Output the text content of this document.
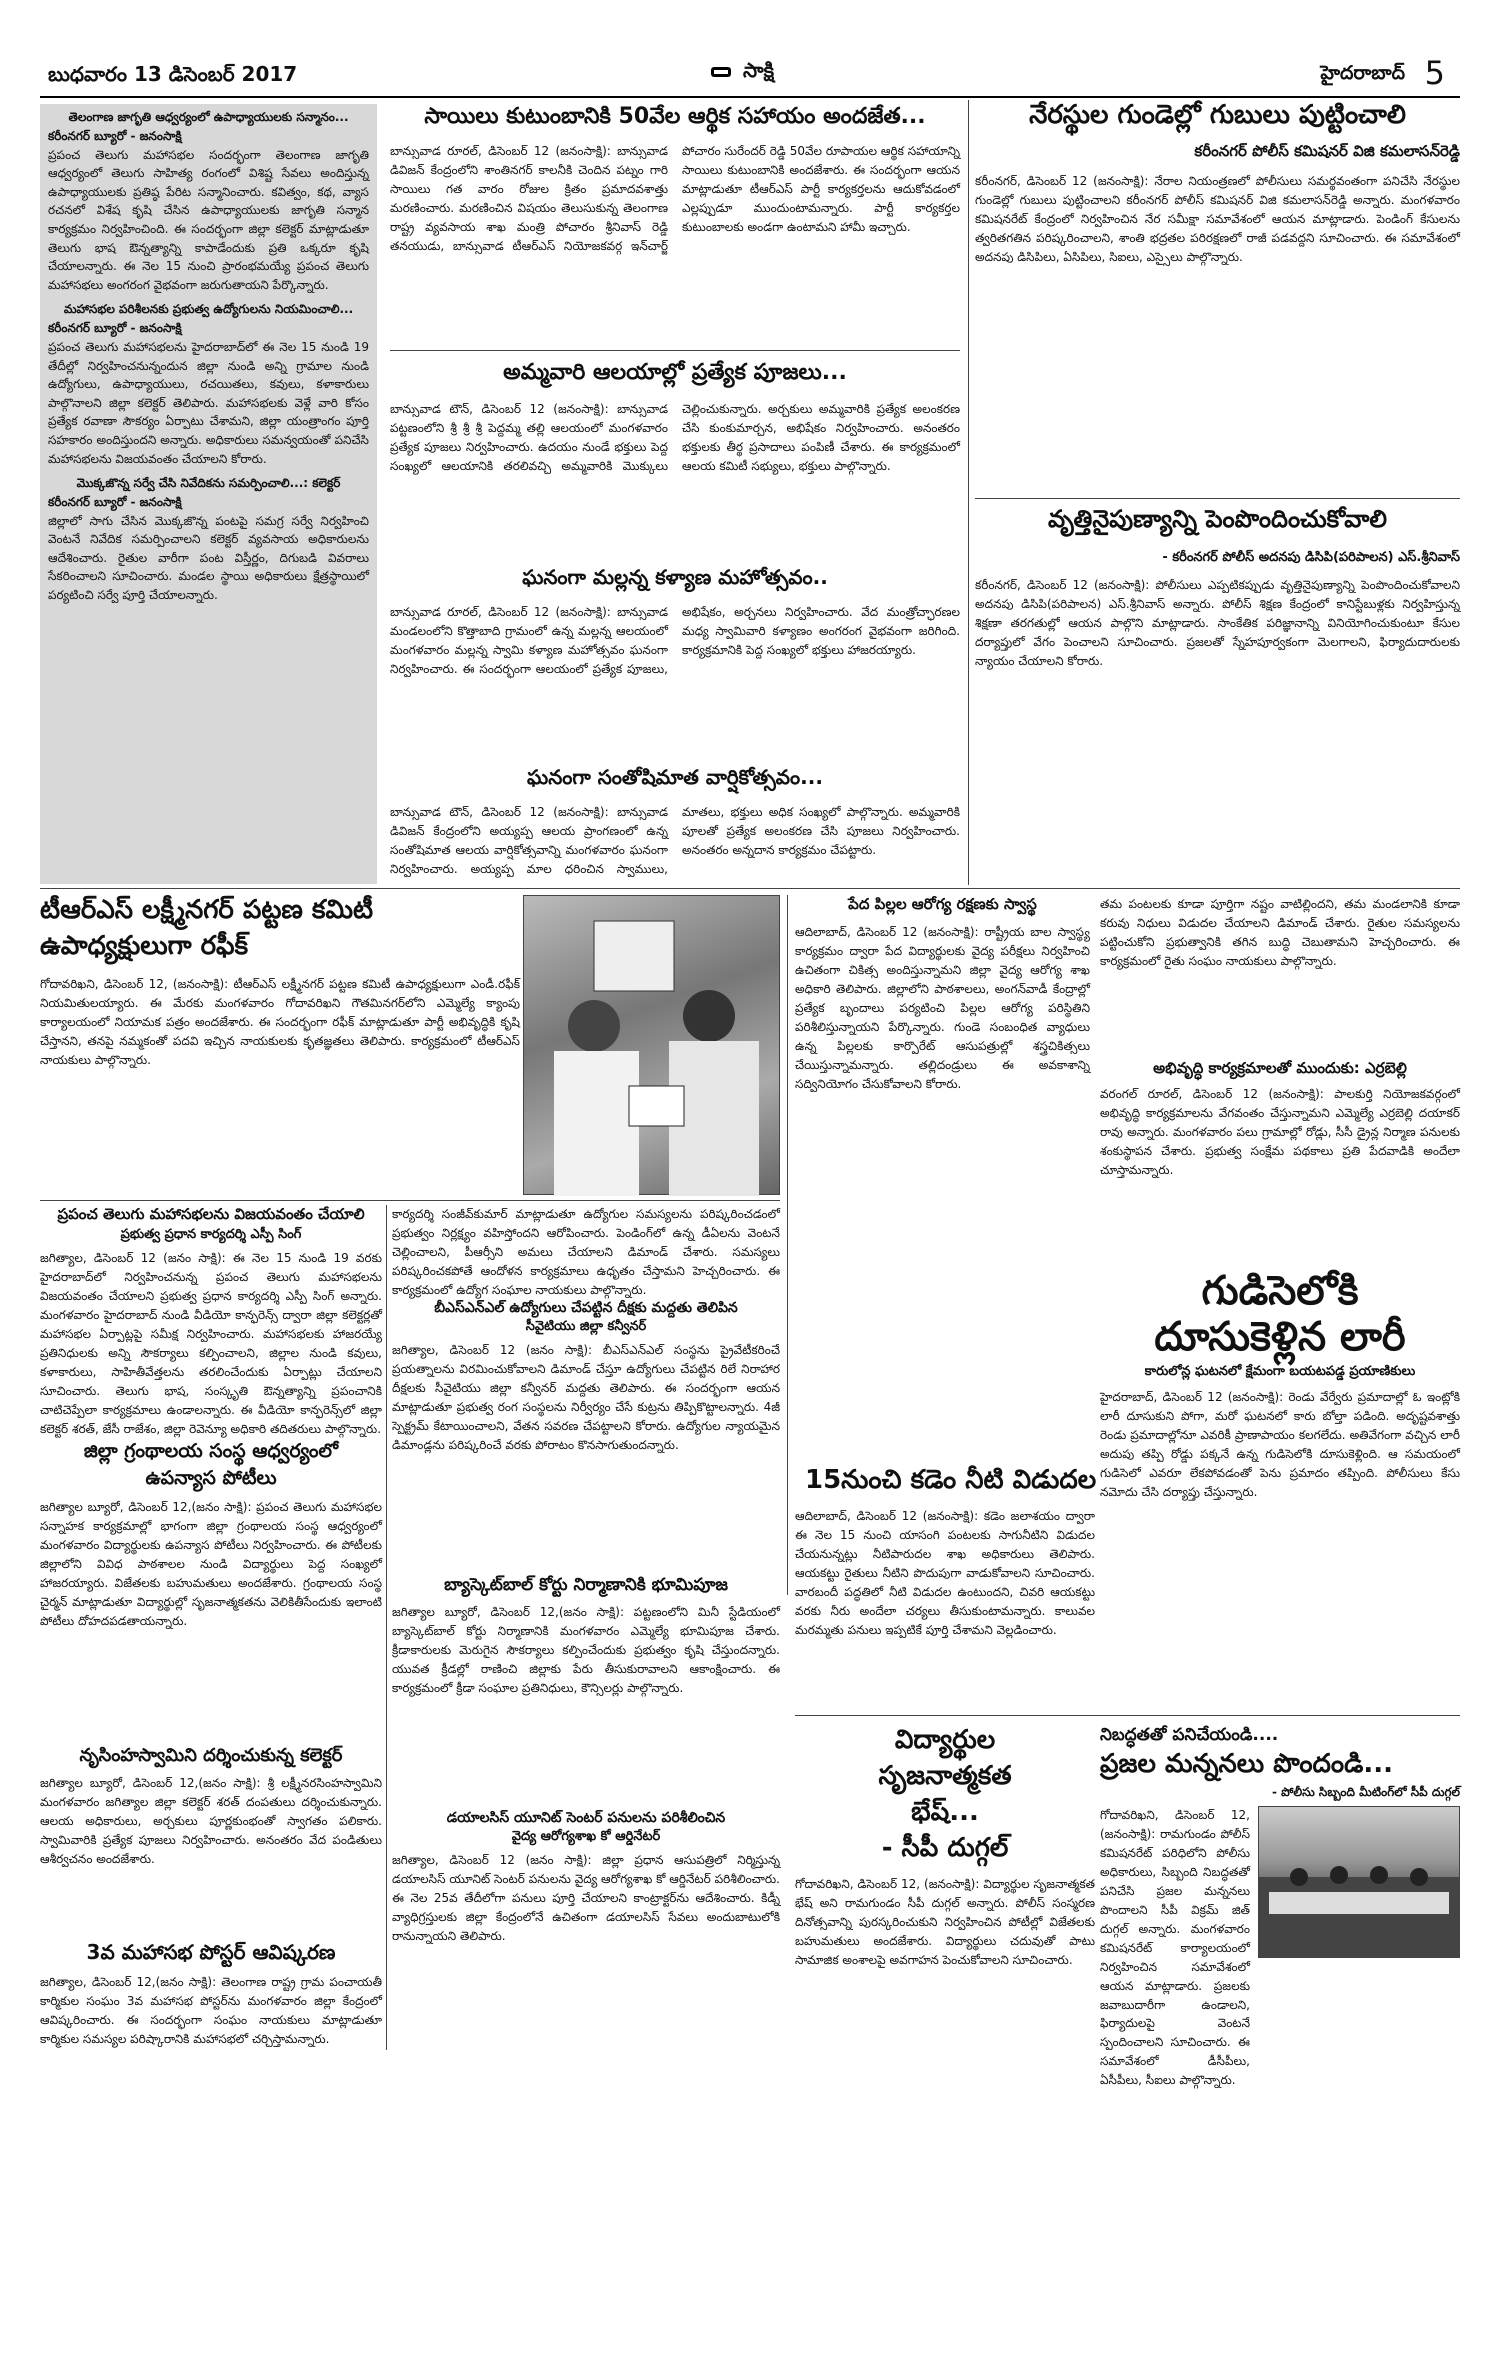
బుధవారం 13 డిసెంబర్ 2017	సాక్షి	హైదరాబాద్ 5
తెలంగాణ జాగృతి ఆధ్వర్యంలో ఉపాధ్యాయులకు సన్మానం...
కరీంనగర్ బ్యూరో - జనంసాక్షి
ప్రపంచ తెలుగు మహాసభల సందర్భంగా తెలంగాణ జాగృతి ఆధ్వర్యంలో తెలుగు సాహిత్య రంగంలో విశిష్ట సేవలు అందిస్తున్న ఉపాధ్యాయులకు ప్రతిష్ఠ పేరిట సన్మానించారు. కవిత్వం, కథ, వ్యాస రచనలో విశేష కృషి చేసిన ఉపాధ్యాయులకు జాగృతి సన్మాన కార్యక్రమం నిర్వహించింది. ఈ సందర్భంగా జిల్లా కలెక్టర్ మాట్లాడుతూ తెలుగు భాష ఔన్నత్యాన్ని కాపాడేందుకు ప్రతి ఒక్కరూ కృషి చేయాలన్నారు. ఈ నెల 15 నుంచి ప్రారంభమయ్యే ప్రపంచ తెలుగు మహాసభలు అంగరంగ వైభవంగా జరుగుతాయని పేర్కొన్నారు.
మహాసభల పరిశీలనకు ప్రభుత్వ ఉద్యోగులను నియమించాలి...
కరీంనగర్ బ్యూరో - జనంసాక్షి
ప్రపంచ తెలుగు మహాసభలను హైదరాబాద్‌లో ఈ నెల 15 నుండి 19 తేదీల్లో నిర్వహించనున్నందున జిల్లా నుండి అన్ని గ్రామాల నుండి ఉద్యోగులు, ఉపాధ్యాయులు, రచయితలు, కవులు, కళాకారులు పాల్గొనాలని జిల్లా కలెక్టర్ తెలిపారు. మహాసభలకు వెళ్లే వారి కోసం ప్రత్యేక రవాణా సౌకర్యం ఏర్పాటు చేశామని, జిల్లా యంత్రాంగం పూర్తి సహకారం అందిస్తుందని అన్నారు. అధికారులు సమన్వయంతో పనిచేసి మహాసభలను విజయవంతం చేయాలని కోరారు.
మొక్కజొన్న సర్వే చేసి నివేదికను సమర్పించాలి...: కలెక్టర్
కరీంనగర్ బ్యూరో - జనంసాక్షి
జిల్లాలో సాగు చేసిన మొక్కజొన్న పంటపై సమగ్ర సర్వే నిర్వహించి వెంటనే నివేదిక సమర్పించాలని కలెక్టర్ వ్యవసాయ అధికారులను ఆదేశించారు. రైతుల వారీగా పంట విస్తీర్ణం, దిగుబడి వివరాలు సేకరించాలని సూచించారు. మండల స్థాయి అధికారులు క్షేత్రస్థాయిలో పర్యటించి సర్వే పూర్తి చేయాలన్నారు.
సాయిలు కుటుంబానికి 50వేల ఆర్థిక సహాయం అందజేత...
బాన్సువాడ రూరల్, డిసెంబర్ 12 (జనంసాక్షి): బాన్సువాడ డివిజన్ కేంద్రంలోని శాంతినగర్ కాలనీకి చెందిన పట్నం గారి సాయిలు గత వారం రోజుల క్రితం ప్రమాదవశాత్తు మరణించారు. మరణించిన విషయం తెలుసుకున్న తెలంగాణ రాష్ట్ర వ్యవసాయ శాఖ మంత్రి పోచారం శ్రీనివాస్ రెడ్డి తనయుడు, బాన్సువాడ టీఆర్‌ఎస్ నియోజకవర్గ ఇన్‌చార్జ్ పోచారం సురేందర్ రెడ్డి 50వేల రూపాయల ఆర్థిక సహాయాన్ని సాయిలు కుటుంబానికి అందజేశారు. ఈ సందర్భంగా ఆయన మాట్లాడుతూ టీఆర్‌ఎస్ పార్టీ కార్యకర్తలను ఆదుకోవడంలో ఎల్లప్పుడూ ముందుంటామన్నారు. పార్టీ కార్యకర్తల కుటుంబాలకు అండగా ఉంటామని హామీ ఇచ్చారు.
అమ్మవారి ఆలయాల్లో ప్రత్యేక పూజలు...
బాన్సువాడ టౌన్, డిసెంబర్ 12 (జనంసాక్షి): బాన్సువాడ పట్టణంలోని శ్రీ శ్రీ శ్రీ పెద్దమ్మ తల్లి ఆలయంలో మంగళవారం ప్రత్యేక పూజలు నిర్వహించారు. ఉదయం నుండే భక్తులు పెద్ద సంఖ్యలో ఆలయానికి తరలివచ్చి అమ్మవారికి మొక్కులు చెల్లించుకున్నారు. అర్చకులు అమ్మవారికి ప్రత్యేక అలంకరణ చేసి కుంకుమార్చన, అభిషేకం నిర్వహించారు. అనంతరం భక్తులకు తీర్థ ప్రసాదాలు పంపిణీ చేశారు. ఈ కార్యక్రమంలో ఆలయ కమిటీ సభ్యులు, భక్తులు పాల్గొన్నారు.
ఘనంగా మల్లన్న కళ్యాణ మహోత్సవం..
బాన్సువాడ రూరల్, డిసెంబర్ 12 (జనంసాక్షి): బాన్సువాడ మండలంలోని కొత్తాబాది గ్రామంలో ఉన్న మల్లన్న ఆలయంలో మంగళవారం మల్లన్న స్వామి కళ్యాణ మహోత్సవం ఘనంగా నిర్వహించారు. ఈ సందర్భంగా ఆలయంలో ప్రత్యేక పూజలు, అభిషేకం, అర్చనలు నిర్వహించారు. వేద మంత్రోచ్ఛారణల మధ్య స్వామివారి కళ్యాణం అంగరంగ వైభవంగా జరిగింది. కార్యక్రమానికి పెద్ద సంఖ్యలో భక్తులు హాజరయ్యారు.
ఘనంగా సంతోషిమాత వార్షికోత్సవం...
బాన్సువాడ టౌన్, డిసెంబర్ 12 (జనంసాక్షి): బాన్సువాడ డివిజన్ కేంద్రంలోని అయ్యప్ప ఆలయ ప్రాంగణంలో ఉన్న సంతోషిమాత ఆలయ వార్షికోత్సవాన్ని మంగళవారం ఘనంగా నిర్వహించారు. అయ్యప్ప మాల ధరించిన స్వాములు, మాతలు, భక్తులు అధిక సంఖ్యలో పాల్గొన్నారు. అమ్మవారికి పూలతో ప్రత్యేక అలంకరణ చేసి పూజలు నిర్వహించారు. అనంతరం అన్నదాన కార్యక్రమం చేపట్టారు.
నేరస్థుల గుండెల్లో గుబులు పుట్టించాలి
కరీంనగర్ పోలీస్ కమిషనర్ విజి కమలాసన్‌రెడ్డి
కరీంనగర్, డిసెంబర్ 12 (జనంసాక్షి): నేరాల నియంత్రణలో పోలీసులు సమర్థవంతంగా పనిచేసి నేరస్థుల గుండెల్లో గుబులు పుట్టించాలని కరీంనగర్ పోలీస్ కమిషనర్ విజి కమలాసన్‌రెడ్డి అన్నారు. మంగళవారం కమిషనరేట్ కేంద్రంలో నిర్వహించిన నేర సమీక్షా సమావేశంలో ఆయన మాట్లాడారు. పెండింగ్ కేసులను త్వరితగతిన పరిష్కరించాలని, శాంతి భద్రతల పరిరక్షణలో రాజీ పడవద్దని సూచించారు. ఈ సమావేశంలో అదనపు డిసిపిలు, ఏసిపిలు, సిఐలు, ఎస్సైలు పాల్గొన్నారు.
వృత్తినైపుణ్యాన్ని పెంపొందించుకోవాలి
- కరీంనగర్ పోలీస్ అదనపు డిసిపి(పరిపాలన) ఎస్.శ్రీనివాస్
కరీంనగర్, డిసెంబర్ 12 (జనంసాక్షి): పోలీసులు ఎప్పటికప్పుడు వృత్తినైపుణ్యాన్ని పెంపొందించుకోవాలని అదనపు డిసిపి(పరిపాలన) ఎస్.శ్రీనివాస్ అన్నారు. పోలీస్ శిక్షణ కేంద్రంలో కానిస్టేబుళ్లకు నిర్వహిస్తున్న శిక్షణా తరగతుల్లో ఆయన పాల్గొని మాట్లాడారు. సాంకేతిక పరిజ్ఞానాన్ని వినియోగించుకుంటూ కేసుల దర్యాప్తులో వేగం పెంచాలని సూచించారు. ప్రజలతో స్నేహపూర్వకంగా మెలగాలని, ఫిర్యాదుదారులకు న్యాయం చేయాలని కోరారు.
టీఆర్ఎస్ లక్ష్మీనగర్ పట్టణ కమిటీ
ఉపాధ్యక్షులుగా రఫీక్
గోదావరిఖని, డిసెంబర్ 12, (జనంసాక్షి): టీఆర్‌ఎస్ లక్ష్మీనగర్ పట్టణ కమిటీ ఉపాధ్యక్షులుగా ఎండీ.రఫీక్ నియమితులయ్యారు. ఈ మేరకు మంగళవారం గోదావరిఖని గౌతమినగర్‌లోని ఎమ్మెల్యే క్యాంపు కార్యాలయంలో నియామక పత్రం అందజేశారు. ఈ సందర్భంగా రఫీక్ మాట్లాడుతూ పార్టీ అభివృద్ధికి కృషి చేస్తానని, తనపై నమ్మకంతో పదవి ఇచ్చిన నాయకులకు కృతజ్ఞతలు తెలిపారు. కార్యక్రమంలో టీఆర్‌ఎస్ నాయకులు పాల్గొన్నారు.
పేద పిల్లల ఆరోగ్య రక్షణకు స్వాస్థ
ఆదిలాబాద్, డిసెంబర్ 12 (జనంసాక్షి): రాష్ట్రీయ బాల స్వాస్థ్య కార్యక్రమం ద్వారా పేద విద్యార్థులకు వైద్య పరీక్షలు నిర్వహించి ఉచితంగా చికిత్స అందిస్తున్నామని జిల్లా వైద్య ఆరోగ్య శాఖ అధికారి తెలిపారు. జిల్లాలోని పాఠశాలలు, అంగన్‌వాడీ కేంద్రాల్లో ప్రత్యేక బృందాలు పర్యటించి పిల్లల ఆరోగ్య పరిస్థితిని పరిశీలిస్తున్నాయని పేర్కొన్నారు. గుండె సంబంధిత వ్యాధులు ఉన్న పిల్లలకు కార్పొరేట్ ఆసుపత్రుల్లో శస్త్రచికిత్సలు చేయిస్తున్నామన్నారు. తల్లిదండ్రులు ఈ అవకాశాన్ని సద్వినియోగం చేసుకోవాలని కోరారు.
తమ పంటలకు కూడా పూర్తిగా నష్టం వాటిల్లిందని, తమ మండలానికి కూడా కరువు నిధులు విడుదల చేయాలని డిమాండ్ చేశారు. రైతుల సమస్యలను పట్టించుకోని ప్రభుత్వానికి తగిన బుద్ధి చెబుతామని హెచ్చరించారు. ఈ కార్యక్రమంలో రైతు సంఘం నాయకులు పాల్గొన్నారు.
అభివృద్ధి కార్యక్రమాలతో ముందుకు: ఎర్రబెల్లి
వరంగల్ రూరల్, డిసెంబర్ 12 (జనంసాక్షి): పాలకుర్తి నియోజకవర్గంలో అభివృద్ధి కార్యక్రమాలను వేగవంతం చేస్తున్నామని ఎమ్మెల్యే ఎర్రబెల్లి దయాకర్ రావు అన్నారు. మంగళవారం పలు గ్రామాల్లో రోడ్లు, సీసీ డ్రైన్ల నిర్మాణ పనులకు శంకుస్థాపన చేశారు. ప్రభుత్వ సంక్షేమ పథకాలు ప్రతి పేదవాడికి అందేలా చూస్తామన్నారు.
గుడిసెలోకి
దూసుకెళ్లిన లారీ
కారులోన్ల ఘటనలో క్షేమంగా బయటపడ్డ ప్రయాణికులు
హైదరాబాద్, డిసెంబర్ 12 (జనంసాక్షి): రెండు వేర్వేరు ప్రమాదాల్లో ఓ ఇంట్లోకి లారీ దూసుకుని పోగా, మరో ఘటనలో కారు బోల్తా పడింది. అదృష్టవశాత్తు రెండు ప్రమాదాల్లోనూ ఎవరికీ ప్రాణాపాయం కలగలేదు. అతివేగంగా వచ్చిన లారీ అదుపు తప్పి రోడ్డు పక్కనే ఉన్న గుడిసెలోకి దూసుకెళ్లింది. ఆ సమయంలో గుడిసెలో ఎవరూ లేకపోవడంతో పెను ప్రమాదం తప్పింది. పోలీసులు కేసు నమోదు చేసి దర్యాప్తు చేస్తున్నారు.
ప్రపంచ తెలుగు మహాసభలను విజయవంతం చేయాలి
ప్రభుత్వ ప్రధాన కార్యదర్శి ఎస్పీ సింగ్
జగిత్యాల, డిసెంబర్ 12 (జనం సాక్షి): ఈ నెల 15 నుండి 19 వరకు హైదరాబాద్‌లో నిర్వహించనున్న ప్రపంచ తెలుగు మహాసభలను విజయవంతం చేయాలని ప్రభుత్వ ప్రధాన కార్యదర్శి ఎస్పీ సింగ్ అన్నారు. మంగళవారం హైదరాబాద్ నుండి వీడియో కాన్ఫరెన్స్ ద్వారా జిల్లా కలెక్టర్లతో మహాసభల ఏర్పాట్లపై సమీక్ష నిర్వహించారు. మహాసభలకు హాజరయ్యే ప్రతినిధులకు అన్ని సౌకర్యాలు కల్పించాలని, జిల్లాల నుండి కవులు, కళాకారులు, సాహితీవేత్తలను తరలించేందుకు ఏర్పాట్లు చేయాలని సూచించారు. తెలుగు భాష, సంస్కృతి ఔన్నత్యాన్ని ప్రపంచానికి చాటిచెప్పేలా కార్యక్రమాలు ఉండాలన్నారు. ఈ వీడియో కాన్ఫరెన్స్‌లో జిల్లా కలెక్టర్ శరత్, జేసీ రాజేశం, జిల్లా రెవెన్యూ అధికారి తదితరులు పాల్గొన్నారు.
జిల్లా గ్రంథాలయ సంస్థ ఆధ్వర్యంలో
ఉపన్యాస పోటీలు
జగిత్యాల బ్యూరో, డిసెంబర్ 12,(జనం సాక్షి): ప్రపంచ తెలుగు మహాసభల సన్నాహక కార్యక్రమాల్లో భాగంగా జిల్లా గ్రంథాలయ సంస్థ ఆధ్వర్యంలో మంగళవారం విద్యార్థులకు ఉపన్యాస పోటీలు నిర్వహించారు. ఈ పోటీలకు జిల్లాలోని వివిధ పాఠశాలల నుండి విద్యార్థులు పెద్ద సంఖ్యలో హాజరయ్యారు. విజేతలకు బహుమతులు అందజేశారు. గ్రంథాలయ సంస్థ చైర్మన్ మాట్లాడుతూ విద్యార్థుల్లో సృజనాత్మకతను వెలికితీసేందుకు ఇలాంటి పోటీలు దోహదపడతాయన్నారు.
నృసింహస్వామిని దర్శించుకున్న కలెక్టర్
జగిత్యాల బ్యూరో, డిసెంబర్ 12,(జనం సాక్షి): శ్రీ లక్ష్మీనరసింహస్వామిని మంగళవారం జగిత్యాల జిల్లా కలెక్టర్ శరత్ దంపతులు దర్శించుకున్నారు. ఆలయ అధికారులు, అర్చకులు పూర్ణకుంభంతో స్వాగతం పలికారు. స్వామివారికి ప్రత్యేక పూజలు నిర్వహించారు. అనంతరం వేద పండితులు ఆశీర్వచనం అందజేశారు.
3వ మహాసభ పోస్టర్ ఆవిష్కరణ
జగిత్యాల, డిసెంబర్ 12,(జనం సాక్షి): తెలంగాణ రాష్ట్ర గ్రామ పంచాయతీ కార్మికుల సంఘం 3వ మహాసభ పోస్టర్‌ను మంగళవారం జిల్లా కేంద్రంలో ఆవిష్కరించారు. ఈ సందర్భంగా సంఘం నాయకులు మాట్లాడుతూ కార్మికుల సమస్యల పరిష్కారానికి మహాసభలో చర్చిస్తామన్నారు.
కార్యదర్శి సంజీవ్‌కుమార్ మాట్లాడుతూ ఉద్యోగుల సమస్యలను పరిష్కరించడంలో ప్రభుత్వం నిర్లక్ష్యం వహిస్తోందని ఆరోపించారు. పెండింగ్‌లో ఉన్న డీఏలను వెంటనే చెల్లించాలని, పీఆర్సీని అమలు చేయాలని డిమాండ్ చేశారు. సమస్యలు పరిష్కరించకపోతే ఆందోళన కార్యక్రమాలు ఉధృతం చేస్తామని హెచ్చరించారు. ఈ కార్యక్రమంలో ఉద్యోగ సంఘాల నాయకులు పాల్గొన్నారు.
బీఎస్ఎన్ఎల్ ఉద్యోగులు చేపట్టిన దీక్షకు మద్దతు తెలిపిన
సీవైటియు జిల్లా కన్వీనర్
జగిత్యాల, డిసెంబర్ 12 (జనం సాక్షి): బీఎస్‌ఎన్‌ఎల్ సంస్థను ప్రైవేటీకరించే ప్రయత్నాలను విరమించుకోవాలని డిమాండ్ చేస్తూ ఉద్యోగులు చేపట్టిన రిలే నిరాహార దీక్షలకు సీవైటియు జిల్లా కన్వీనర్ మద్దతు తెలిపారు. ఈ సందర్భంగా ఆయన మాట్లాడుతూ ప్రభుత్వ రంగ సంస్థలను నిర్వీర్యం చేసే కుట్రను తిప్పికొట్టాలన్నారు. 4జీ స్పెక్ట్రమ్ కేటాయించాలని, వేతన సవరణ చేపట్టాలని కోరారు. ఉద్యోగుల న్యాయమైన డిమాండ్లను పరిష్కరించే వరకు పోరాటం కొనసాగుతుందన్నారు.
బ్యాస్కెట్‌బాల్ కోర్టు నిర్మాణానికి భూమిపూజ
జగిత్యాల బ్యూరో, డిసెంబర్ 12,(జనం సాక్షి): పట్టణంలోని మినీ స్టేడియంలో బ్యాస్కెట్‌బాల్ కోర్టు నిర్మాణానికి మంగళవారం ఎమ్మెల్యే భూమిపూజ చేశారు. క్రీడాకారులకు మెరుగైన సౌకర్యాలు కల్పించేందుకు ప్రభుత్వం కృషి చేస్తుందన్నారు. యువత క్రీడల్లో రాణించి జిల్లాకు పేరు తీసుకురావాలని ఆకాంక్షించారు. ఈ కార్యక్రమంలో క్రీడా సంఘాల ప్రతినిధులు, కౌన్సిలర్లు పాల్గొన్నారు.
డయాలసిస్ యూనిట్ సెంటర్ పనులను పరిశీలించిన
వైద్య ఆరోగ్యశాఖ కో ఆర్డినేటర్
జగిత్యాల, డిసెంబర్ 12 (జనం సాక్షి): జిల్లా ప్రధాన ఆసుపత్రిలో నిర్మిస్తున్న డయాలసిస్ యూనిట్ సెంటర్ పనులను వైద్య ఆరోగ్యశాఖ కో ఆర్డినేటర్ పరిశీలించారు. ఈ నెల 25వ తేదీలోగా పనులు పూర్తి చేయాలని కాంట్రాక్టర్‌ను ఆదేశించారు. కిడ్నీ వ్యాధిగ్రస్తులకు జిల్లా కేంద్రంలోనే ఉచితంగా డయాలసిస్ సేవలు అందుబాటులోకి రానున్నాయని తెలిపారు.
15నుంచి కడెం నీటి విడుదల
ఆదిలాబాద్, డిసెంబర్ 12 (జనంసాక్షి): కడెం జలాశయం ద్వారా ఈ నెల 15 నుంచి యాసంగి పంటలకు సాగునీటిని విడుదల చేయనున్నట్లు నీటిపారుదల శాఖ అధికారులు తెలిపారు. ఆయకట్టు రైతులు నీటిని పొదుపుగా వాడుకోవాలని సూచించారు. వారబందీ పద్ధతిలో నీటి విడుదల ఉంటుందని, చివరి ఆయకట్టు వరకు నీరు అందేలా చర్యలు తీసుకుంటామన్నారు. కాలువల మరమ్మతు పనులు ఇప్పటికే పూర్తి చేశామని వెల్లడించారు.
విద్యార్థుల
సృజనాత్మకత
భేష్...
- సీపీ దుగ్గల్
గోదావరిఖని, డిసెంబర్ 12, (జనంసాక్షి): విద్యార్థుల సృజనాత్మకత భేష్ అని రామగుండం సీపీ దుగ్గల్ అన్నారు. పోలీస్ సంస్మరణ దినోత్సవాన్ని పురస్కరించుకుని నిర్వహించిన పోటీల్లో విజేతలకు బహుమతులు అందజేశారు. విద్యార్థులు చదువుతో పాటు సామాజిక అంశాలపై అవగాహన పెంచుకోవాలని సూచించారు.
నిబద్ధతతో పనిచేయండి....
ప్రజల మన్ననలు పొందండి...
- పోలీసు సిబ్బంది మీటింగ్‌లో సీపీ దుగ్గల్
గోదావరిఖని, డిసెంబర్ 12, (జనంసాక్షి): రామగుండం పోలీస్ కమిషనరేట్ పరిధిలోని పోలీసు అధికారులు, సిబ్బంది నిబద్ధతతో పనిచేసి ప్రజల మన్ననలు పొందాలని సీపీ విక్రమ్ జిత్ దుగ్గల్ అన్నారు. మంగళవారం కమిషనరేట్ కార్యాలయంలో నిర్వహించిన సమావేశంలో ఆయన మాట్లాడారు. ప్రజలకు జవాబుదారీగా ఉండాలని, ఫిర్యాదులపై వెంటనే స్పందించాలని సూచించారు. ఈ సమావేశంలో డీసీపీలు, ఏసీపీలు, సీఐలు పాల్గొన్నారు.
